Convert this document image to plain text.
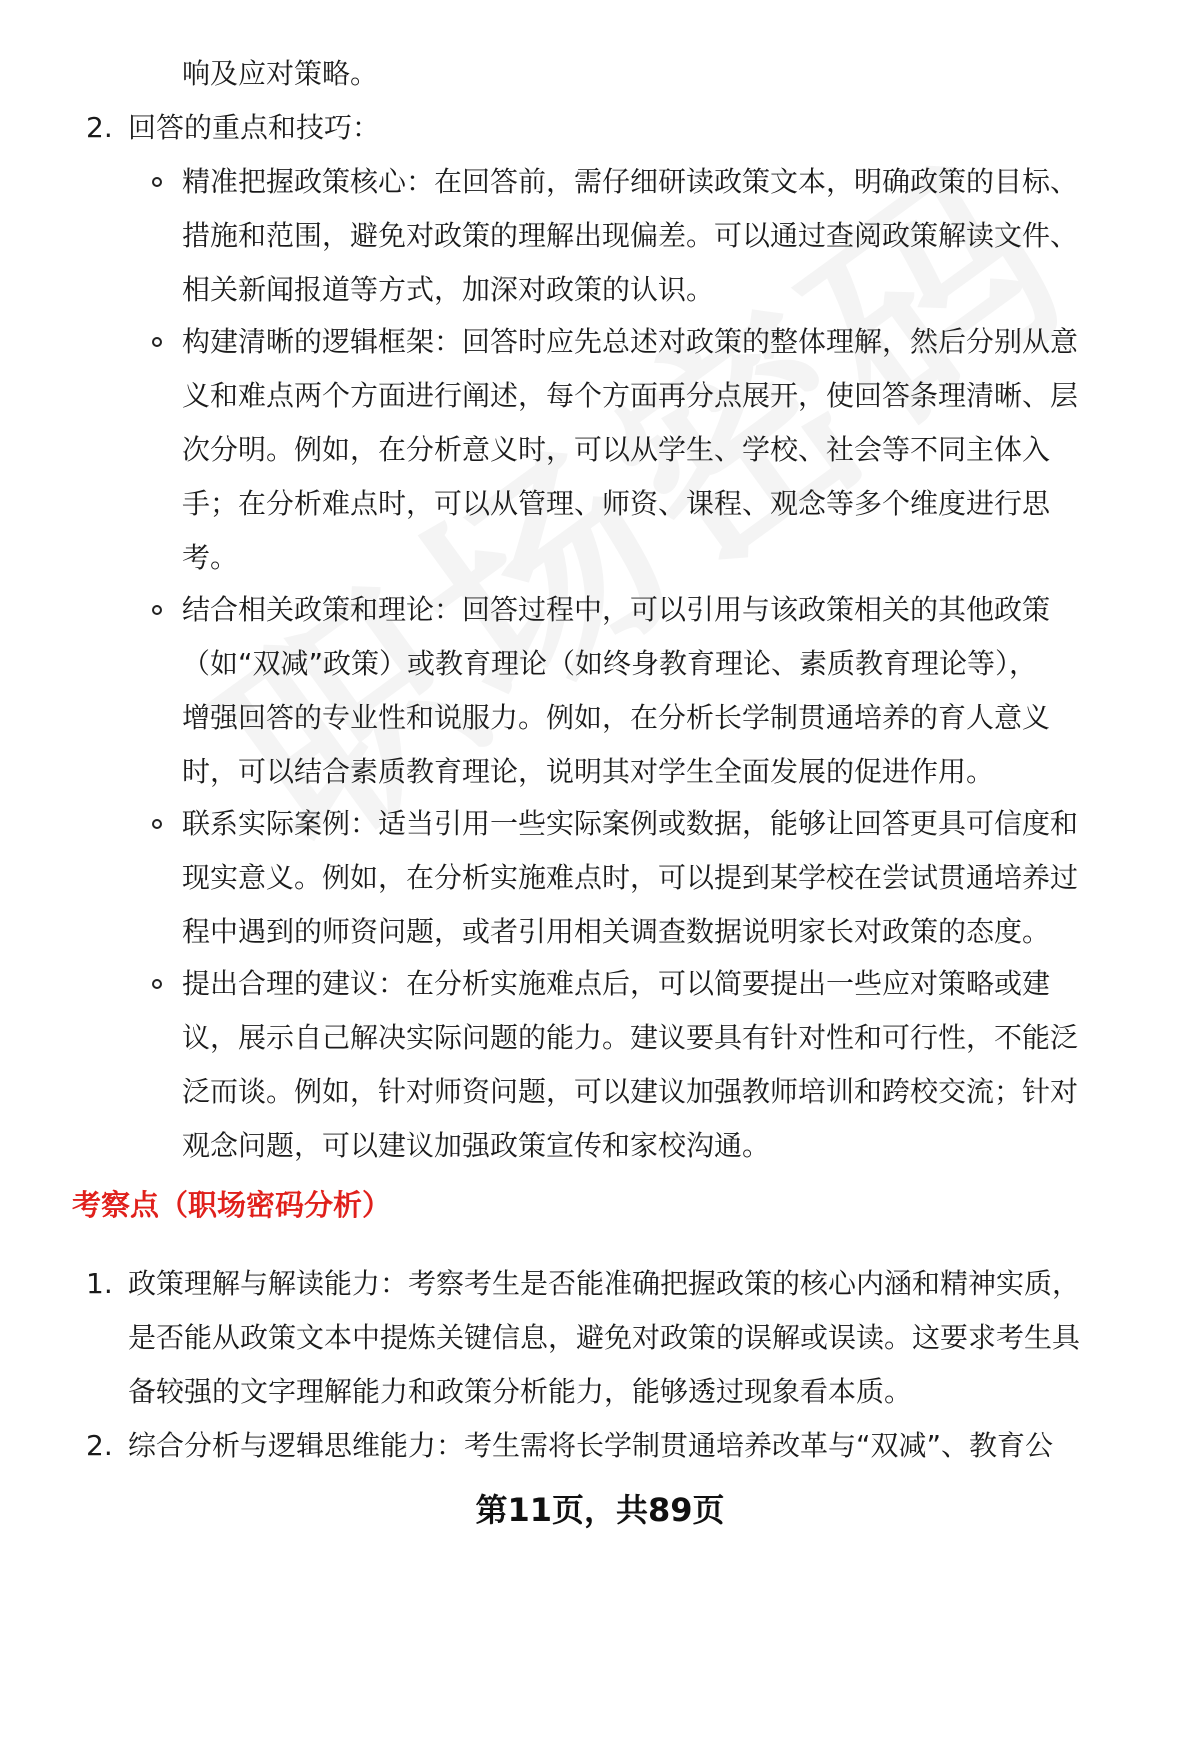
响及应对策略。
2. 回答的重点和技巧：
精准把握政策核心：在回答前，需仔细研读政策文本，明确政策的目标、
措施和范围，避免对政策的理解出现偏差。可以通过查阅政策解读文件、
相关新闻报道等方式，加深对政策的认识。
构建清晰的逻辑框架：回答时应先总述对政策的整体理解，然后分别从意
义和难点两个方面进行阐述，每个方面再分点展开，使回答条理清晰、层
次分明。例如，在分析意义时，可以从学生、学校、社会等不同主体入
手；在分析难点时，可以从管理、师资、课程、观念等多个维度进行思
考。
结合相关政策和理论：回答过程中，可以引用与该政策相关的其他政策
（如“双减”政策）或教育理论（如终身教育理论、素质教育理论等），
增强回答的专业性和说服力。例如，在分析长学制贯通培养的育人意义
时，可以结合素质教育理论，说明其对学生全面发展的促进作用。
联系实际案例：适当引用一些实际案例或数据，能够让回答更具可信度和
现实意义。例如，在分析实施难点时，可以提到某学校在尝试贯通培养过
程中遇到的师资问题，或者引用相关调查数据说明家长对政策的态度。
提出合理的建议：在分析实施难点后，可以简要提出一些应对策略或建
议，展示自己解决实际问题的能力。建议要具有针对性和可行性，不能泛
泛而谈。例如，针对师资问题，可以建议加强教师培训和跨校交流；针对
观念问题，可以建议加强政策宣传和家校沟通。
考察点（职场密码分析）
1. 政策理解与解读能力：考察考生是否能准确把握政策的核心内涵和精神实质，
是否能从政策文本中提炼关键信息，避免对政策的误解或误读。这要求考生具
备较强的文字理解能力和政策分析能力，能够透过现象看本质。
2. 综合分析与逻辑思维能力：考生需将长学制贯通培养改革与“双减”、教育公
第11页，共89页
